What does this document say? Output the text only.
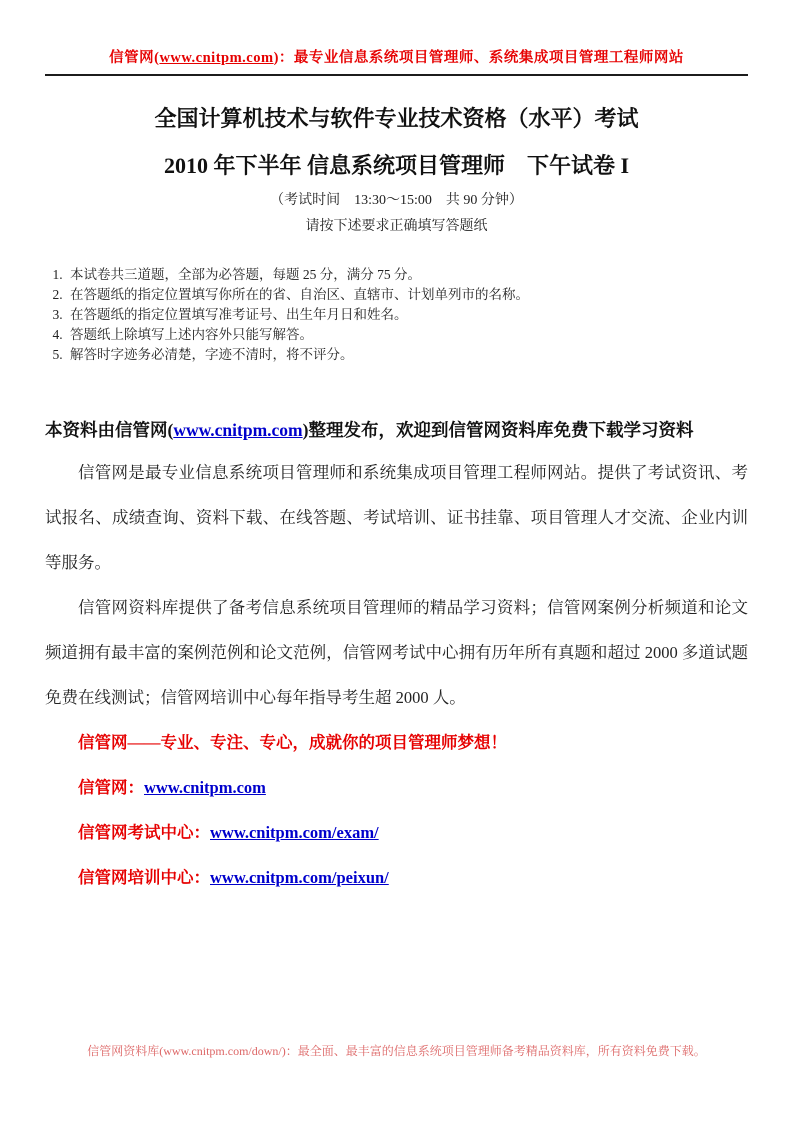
信管网(www.cnitpm.com)：最专业信息系统项目管理师、系统集成项目管理工程师网站
全国计算机技术与软件专业技术资格（水平）考试
2010 年下半年 信息系统项目管理师　下午试卷 I
（考试时间　13:30～15:00　共 90 分钟）
请按下述要求正确填写答题纸
1. 本试卷共三道题，全部为必答题，每题 25 分，满分 75 分。
2. 在答题纸的指定位置填写你所在的省、自治区、直辖市、计划单列市的名称。
3. 在答题纸的指定位置填写准考证号、出生年月日和姓名。
4. 答题纸上除填写上述内容外只能写解答。
5. 解答时字迹务必清楚，字迹不清时，将不评分。
本资料由信管网(www.cnitpm.com)整理发布，欢迎到信管网资料库免费下载学习资料

信管网是最专业信息系统项目管理师和系统集成项目管理工程师网站。提供了考试资讯、考试报名、成绩查询、资料下载、在线答题、考试培训、证书挂靠、项目管理人才交流、企业内训等服务。

信管网资料库提供了备考信息系统项目管理师的精品学习资料；信管网案例分析频道和论文频道拥有最丰富的案例范例和论文范例，信管网考试中心拥有历年所有真题和超过 2000 多道试题免费在线测试；信管网培训中心每年指导考生超 2000 人。

信管网——专业、专注、专心，成就你的项目管理师梦想！
信管网：www.cnitpm.com
信管网考试中心：www.cnitpm.com/exam/
信管网培训中心：www.cnitpm.com/peixun/
信管网资料库(www.cnitpm.com/down/)：最全面、最丰富的信息系统项目管理师备考精品资料库，所有资料免费下载。
